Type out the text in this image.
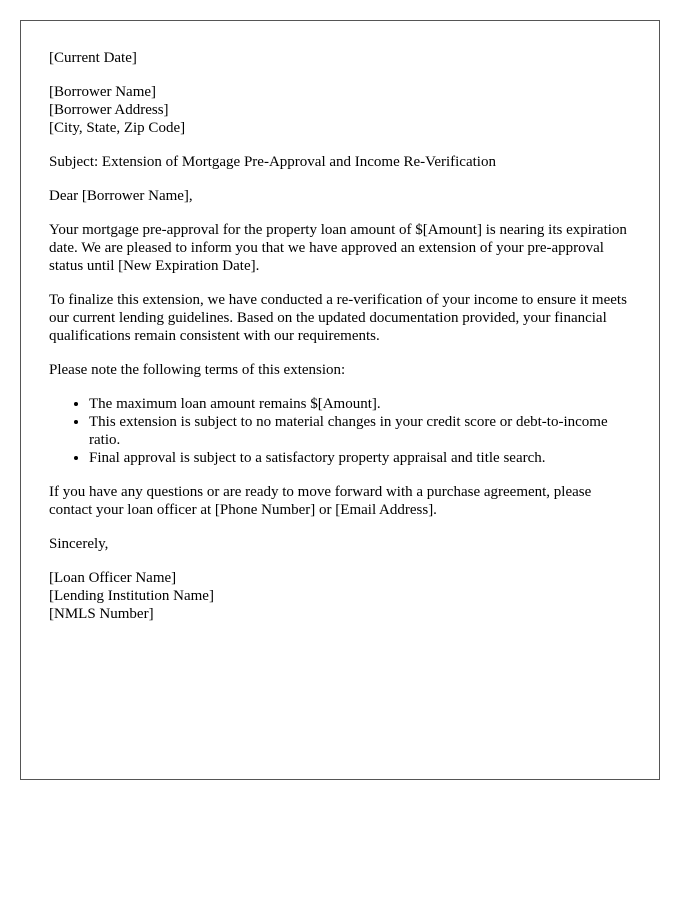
[Current Date]
[Borrower Name]
[Borrower Address]
[City, State, Zip Code]
Subject: Extension of Mortgage Pre-Approval and Income Re-Verification
Dear [Borrower Name],
Your mortgage pre-approval for the property loan amount of $[Amount] is nearing its expiration date. We are pleased to inform you that we have approved an extension of your pre-approval status until [New Expiration Date].
To finalize this extension, we have conducted a re-verification of your income to ensure it meets our current lending guidelines. Based on the updated documentation provided, your financial qualifications remain consistent with our requirements.
Please note the following terms of this extension:
• The maximum loan amount remains $[Amount].
• This extension is subject to no material changes in your credit score or debt-to-income ratio.
• Final approval is subject to a satisfactory property appraisal and title search.
If you have any questions or are ready to move forward with a purchase agreement, please contact your loan officer at [Phone Number] or [Email Address].
Sincerely,
[Loan Officer Name]
[Lending Institution Name]
[NMLS Number]
